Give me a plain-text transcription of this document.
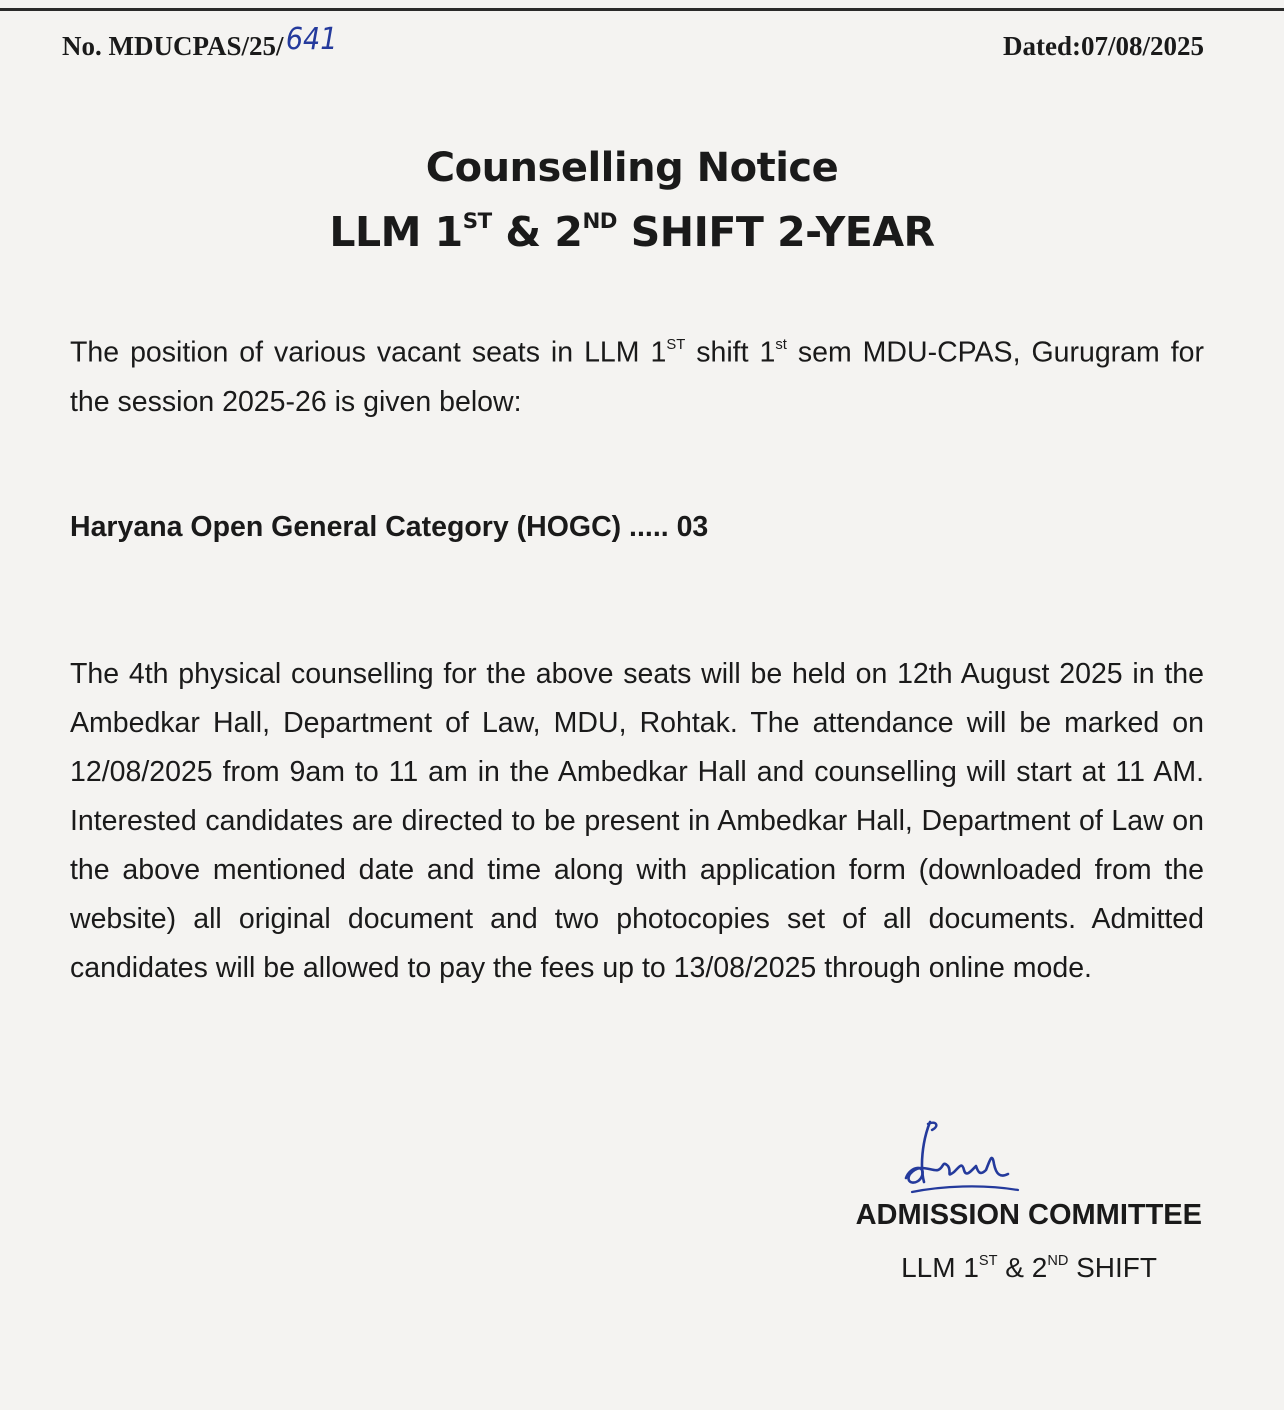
No. MDUCPAS/25/641	Dated:07/08/2025
Counselling Notice
LLM 1ST & 2ND SHIFT 2-YEAR

The position of various vacant seats in LLM 1ST shift 1st sem MDU-CPAS, Gurugram for the session 2025-26 is given below:

Haryana Open General Category (HOGC) ..... 03

The 4th physical counselling for the above seats will be held on 12th August 2025 in the Ambedkar Hall, Department of Law, MDU, Rohtak. The attendance will be marked on 12/08/2025 from 9am to 11 am in the Ambedkar Hall and counselling will start at 11 AM. Interested candidates are directed to be present in Ambedkar Hall, Department of Law on the above mentioned date and time along with application form (downloaded from the website) all original document and two photocopies set of all documents. Admitted candidates will be allowed to pay the fees up to 13/08/2025 through online mode.

ADMISSION COMMITTEE
LLM 1ST & 2ND SHIFT
